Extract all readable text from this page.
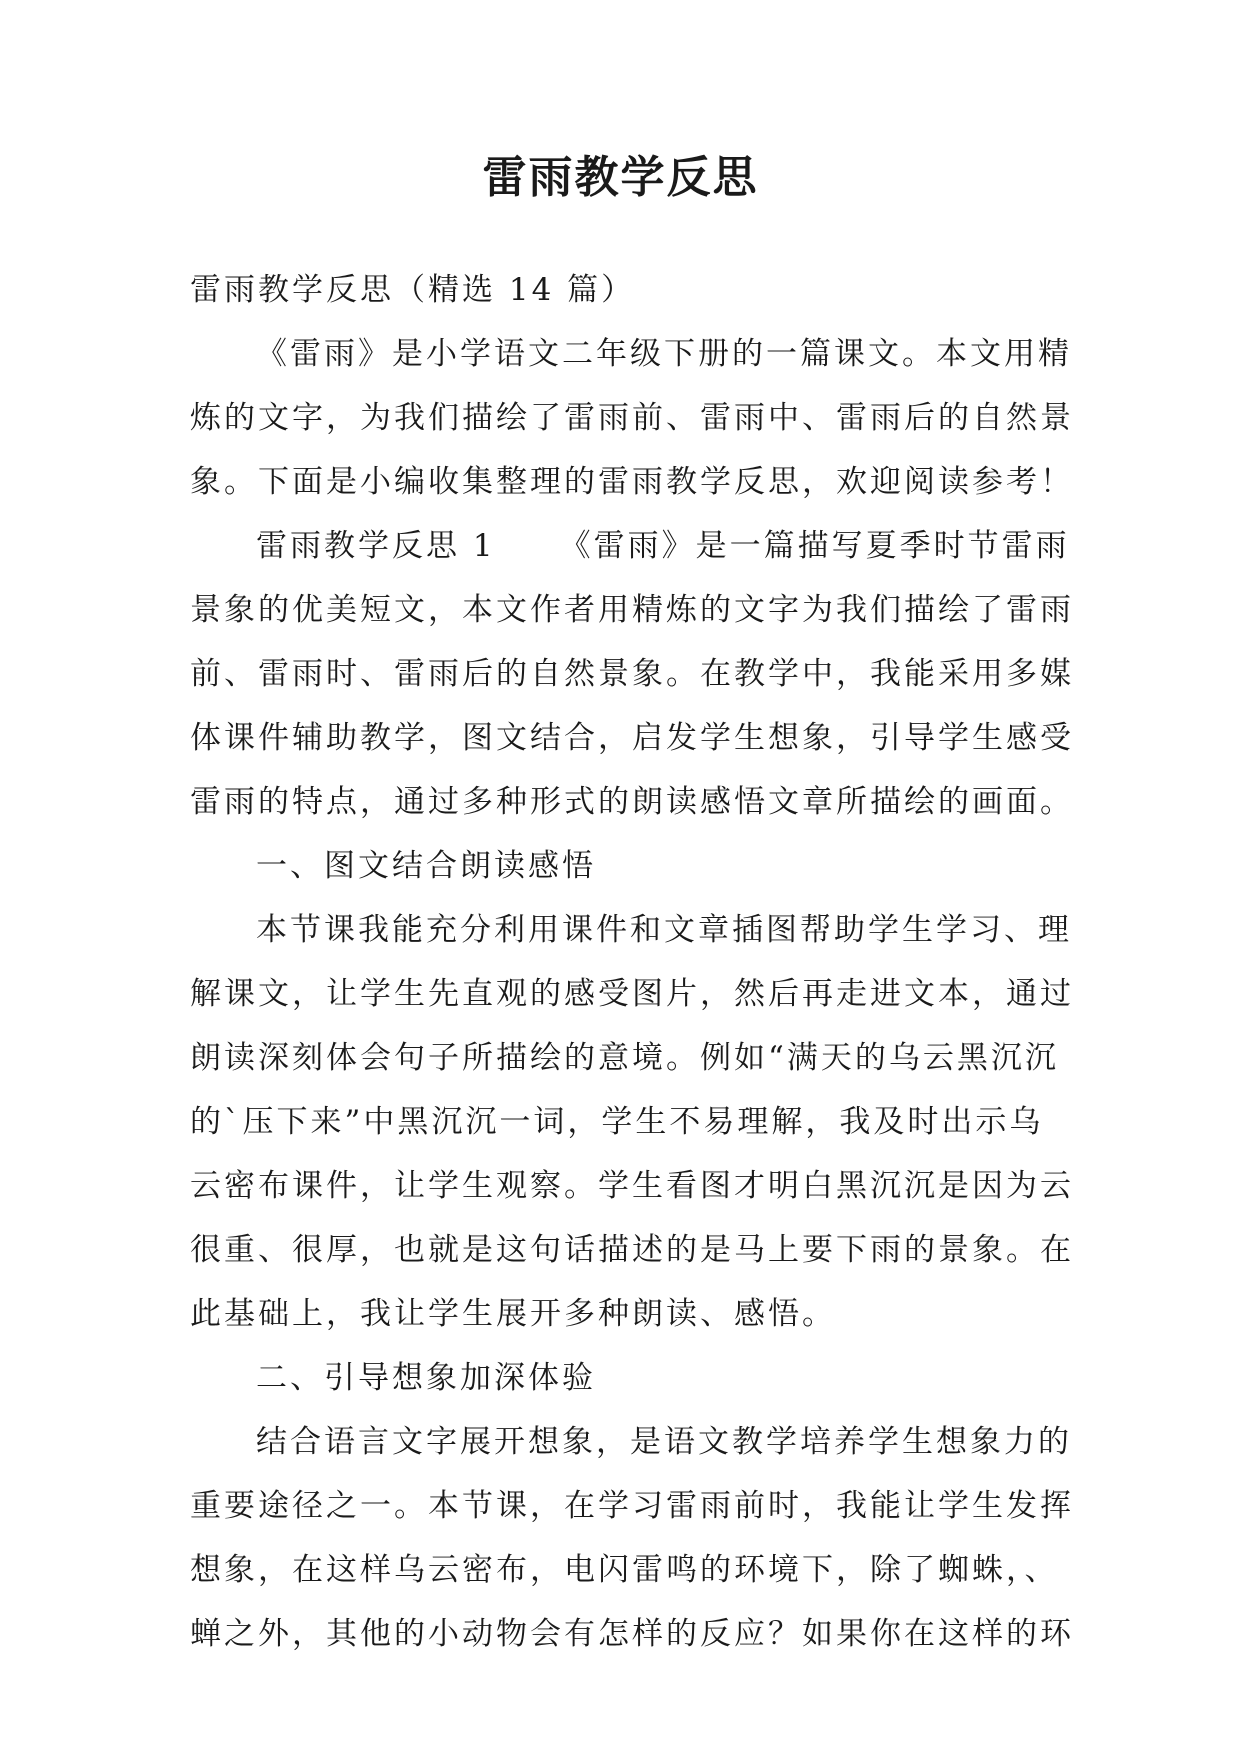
雷雨教学反思

雷雨教学反思（精选 14 篇）

《雷雨》是小学语文二年级下册的一篇课文。本文用精

炼的文字，为我们描绘了雷雨前、雷雨中、雷雨后的自然景

象。下面是小编收集整理的雷雨教学反思，欢迎阅读参考！

雷雨教学反思 1 《雷雨》是一篇描写夏季时节雷雨

景象的优美短文，本文作者用精炼的文字为我们描绘了雷雨

前、雷雨时、雷雨后的自然景象。在教学中，我能采用多媒

体课件辅助教学，图文结合，启发学生想象，引导学生感受

雷雨的特点，通过多种形式的朗读感悟文章所描绘的画面。

一、图文结合朗读感悟

本节课我能充分利用课件和文章插图帮助学生学习、理

解课文，让学生先直观的感受图片，然后再走进文本，通过

朗读深刻体会句子所描绘的意境。例如“满天的乌云黑沉沉

的`压下来”中黑沉沉一词，学生不易理解，我及时出示乌

云密布课件，让学生观察。学生看图才明白黑沉沉是因为云

很重、很厚，也就是这句话描述的是马上要下雨的景象。在

此基础上，我让学生展开多种朗读、感悟。

二、引导想象加深体验

结合语言文字展开想象，是语文教学培养学生想象力的

重要途径之一。本节课，在学习雷雨前时，我能让学生发挥

想象，在这样乌云密布，电闪雷鸣的环境下，除了蜘蛛，、

蝉之外，其他的小动物会有怎样的反应？如果你在这样的环
